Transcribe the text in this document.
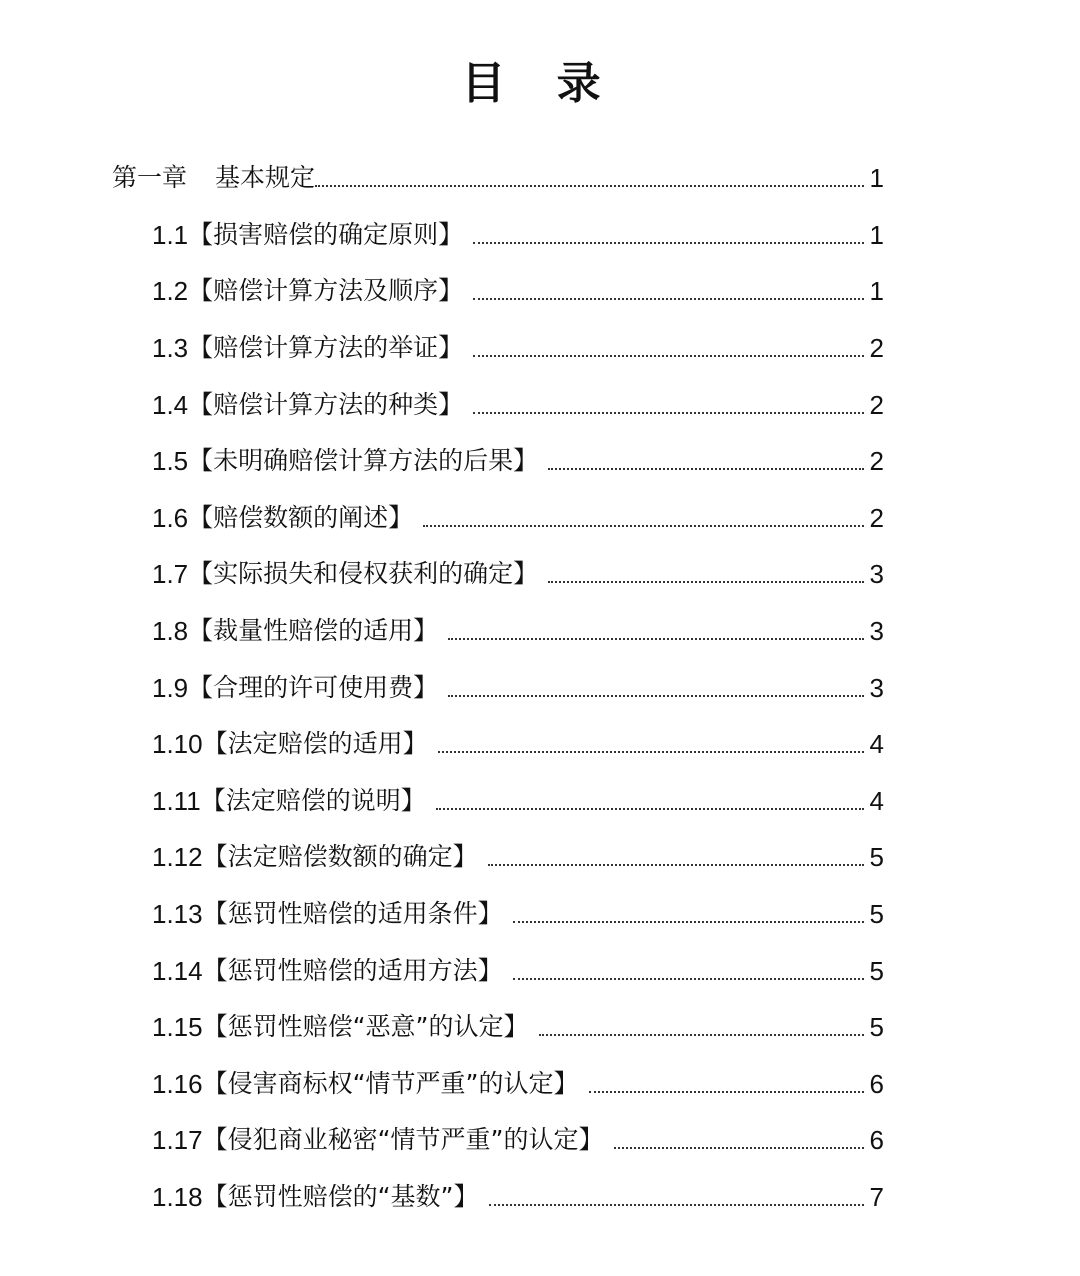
目 录
第一章 基本规定	1
1.1 【损害赔偿的确定原则】	1
1.2 【赔偿计算方法及顺序】	1
1.3 【赔偿计算方法的举证】	2
1.4 【赔偿计算方法的种类】	2
1.5 【未明确赔偿计算方法的后果】	2
1.6 【赔偿数额的阐述】	2
1.7 【实际损失和侵权获利的确定】	3
1.8 【裁量性赔偿的适用】	3
1.9 【合理的许可使用费】	3
1.10 【法定赔偿的适用】	4
1.11 【法定赔偿的说明】	4
1.12 【法定赔偿数额的确定】	5
1.13 【惩罚性赔偿的适用条件】	5
1.14 【惩罚性赔偿的适用方法】	5
1.15 【惩罚性赔偿“恶意”的认定】	5
1.16 【侵害商标权“情节严重”的认定】	6
1.17 【侵犯商业秘密“情节严重”的认定】	6
1.18 【惩罚性赔偿的“基数”】	7
